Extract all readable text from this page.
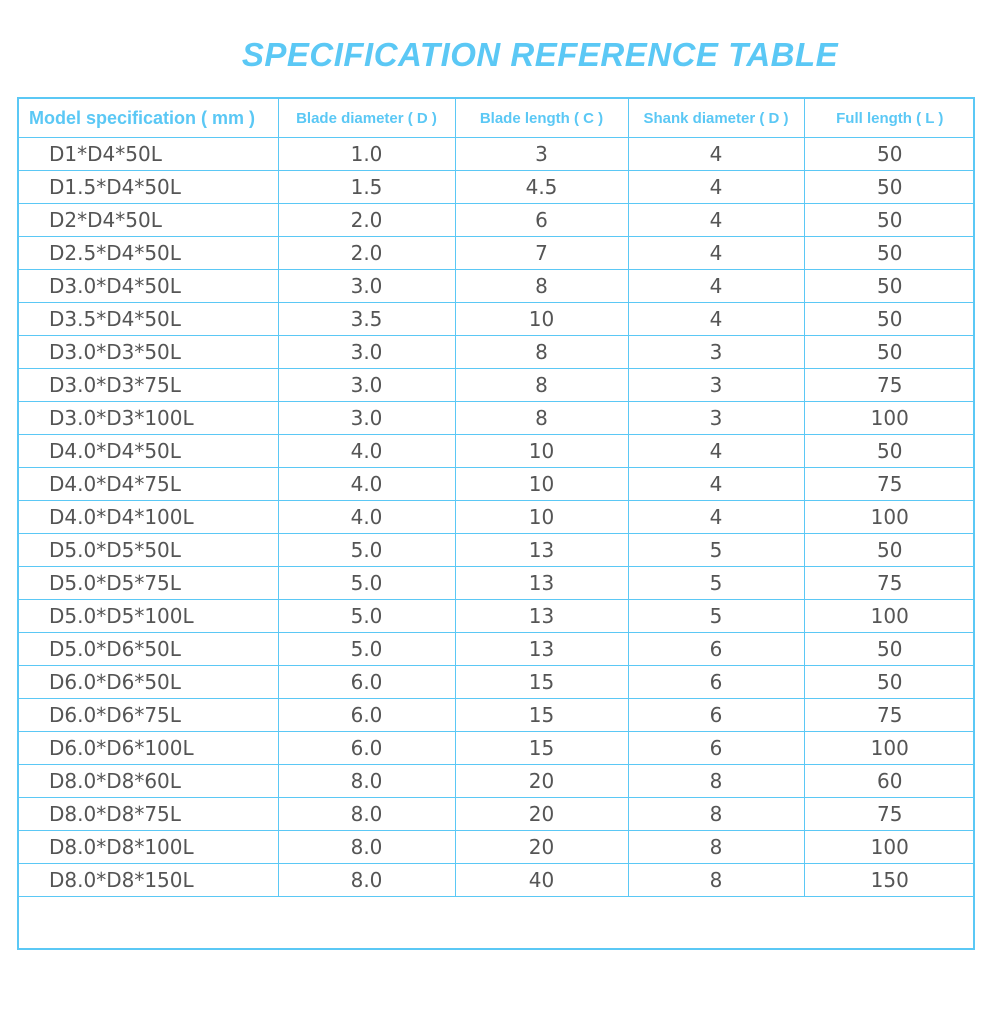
SPECIFICATION REFERENCE TABLE
Model specification ( mm )	Blade diameter ( D )	Blade length ( C )	Shank diameter ( D )	Full length ( L )
D1*D4*50L	1.0	3	4	50
D1.5*D4*50L	1.5	4.5	4	50
D2*D4*50L	2.0	6	4	50
D2.5*D4*50L	2.0	7	4	50
D3.0*D4*50L	3.0	8	4	50
D3.5*D4*50L	3.5	10	4	50
D3.0*D3*50L	3.0	8	3	50
D3.0*D3*75L	3.0	8	3	75
D3.0*D3*100L	3.0	8	3	100
D4.0*D4*50L	4.0	10	4	50
D4.0*D4*75L	4.0	10	4	75
D4.0*D4*100L	4.0	10	4	100
D5.0*D5*50L	5.0	13	5	50
D5.0*D5*75L	5.0	13	5	75
D5.0*D5*100L	5.0	13	5	100
D5.0*D6*50L	5.0	13	6	50
D6.0*D6*50L	6.0	15	6	50
D6.0*D6*75L	6.0	15	6	75
D6.0*D6*100L	6.0	15	6	100
D8.0*D8*60L	8.0	20	8	60
D8.0*D8*75L	8.0	20	8	75
D8.0*D8*100L	8.0	20	8	100
D8.0*D8*150L	8.0	40	8	150
